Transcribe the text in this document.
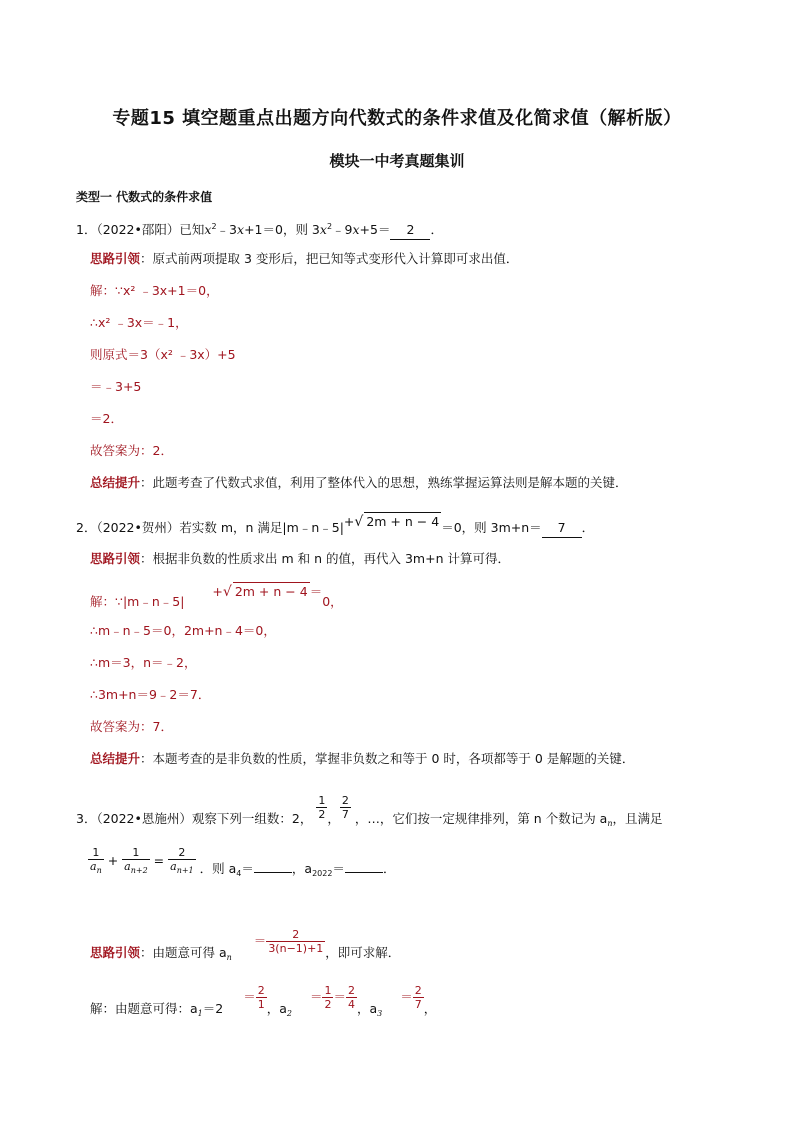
专题15 填空题重点出题方向代数式的条件求值及化简求值（解析版）
模块一中考真题集训
类型一 代数式的条件求值
1．（2022•邵阳）已知$x^2﹣3x+1=0$，则 $3x^2﹣9x+5= 2$ ．
思路引领：原式前两项提取 3 变形后，把已知等式变形代入计算即可求出值．
解：∵x² ﹣3x+1＝0，
∴x² ﹣3x＝﹣1，
则原式＝3（x² ﹣3x）+5
＝﹣3+5
＝2．
故答案为：2．
总结提升：此题考查了代数式求值，利用了整体代入的思想，熟练掌握运算法则是解本题的关键．
2．（2022•贺州）若实数 m，n 满足|m﹣n﹣5|+√ 2m + n − 4 ＝0，则 3m+n＝ 7 ．
思路引领：根据非负数的性质求出 m 和 n 的值，再代入 3m+n 计算可得．
解：∵|m﹣n﹣5| +√ 2m + n − 4 ＝0，
∴m﹣n﹣5＝0，2m+n﹣4＝0，
∴m＝3，n＝﹣2，
∴3m+n＝9﹣2＝7．
故答案为：7．
总结提升：本题考查的是非负数的性质，掌握非负数之和等于 0 时，各项都等于 0 是解题的关键．
3．（2022•恩施州）观察下列一组数：2， $\frac{1}{2}$ ， $\frac{2}{7}$ ，…，它们按一定规律排列，第 n 个数记为 $a_n$，且满足
$\frac{1}{a_n} + \frac{1}{a_{n+2}} = \frac{2}{a_{n+1}}$ ．则 $a_4=$	，$a_{2022}=$	．
思路引领：由题意可得 $a_n = \frac{2}{3(n-1)+1}$ ，即可求解．
解：由题意可得：$a_1=2 = \frac{2}{1}$ ，$a_2 = \frac{1}{2} = \frac{2}{4}$ ，$a_3 = \frac{2}{7}$ ，
